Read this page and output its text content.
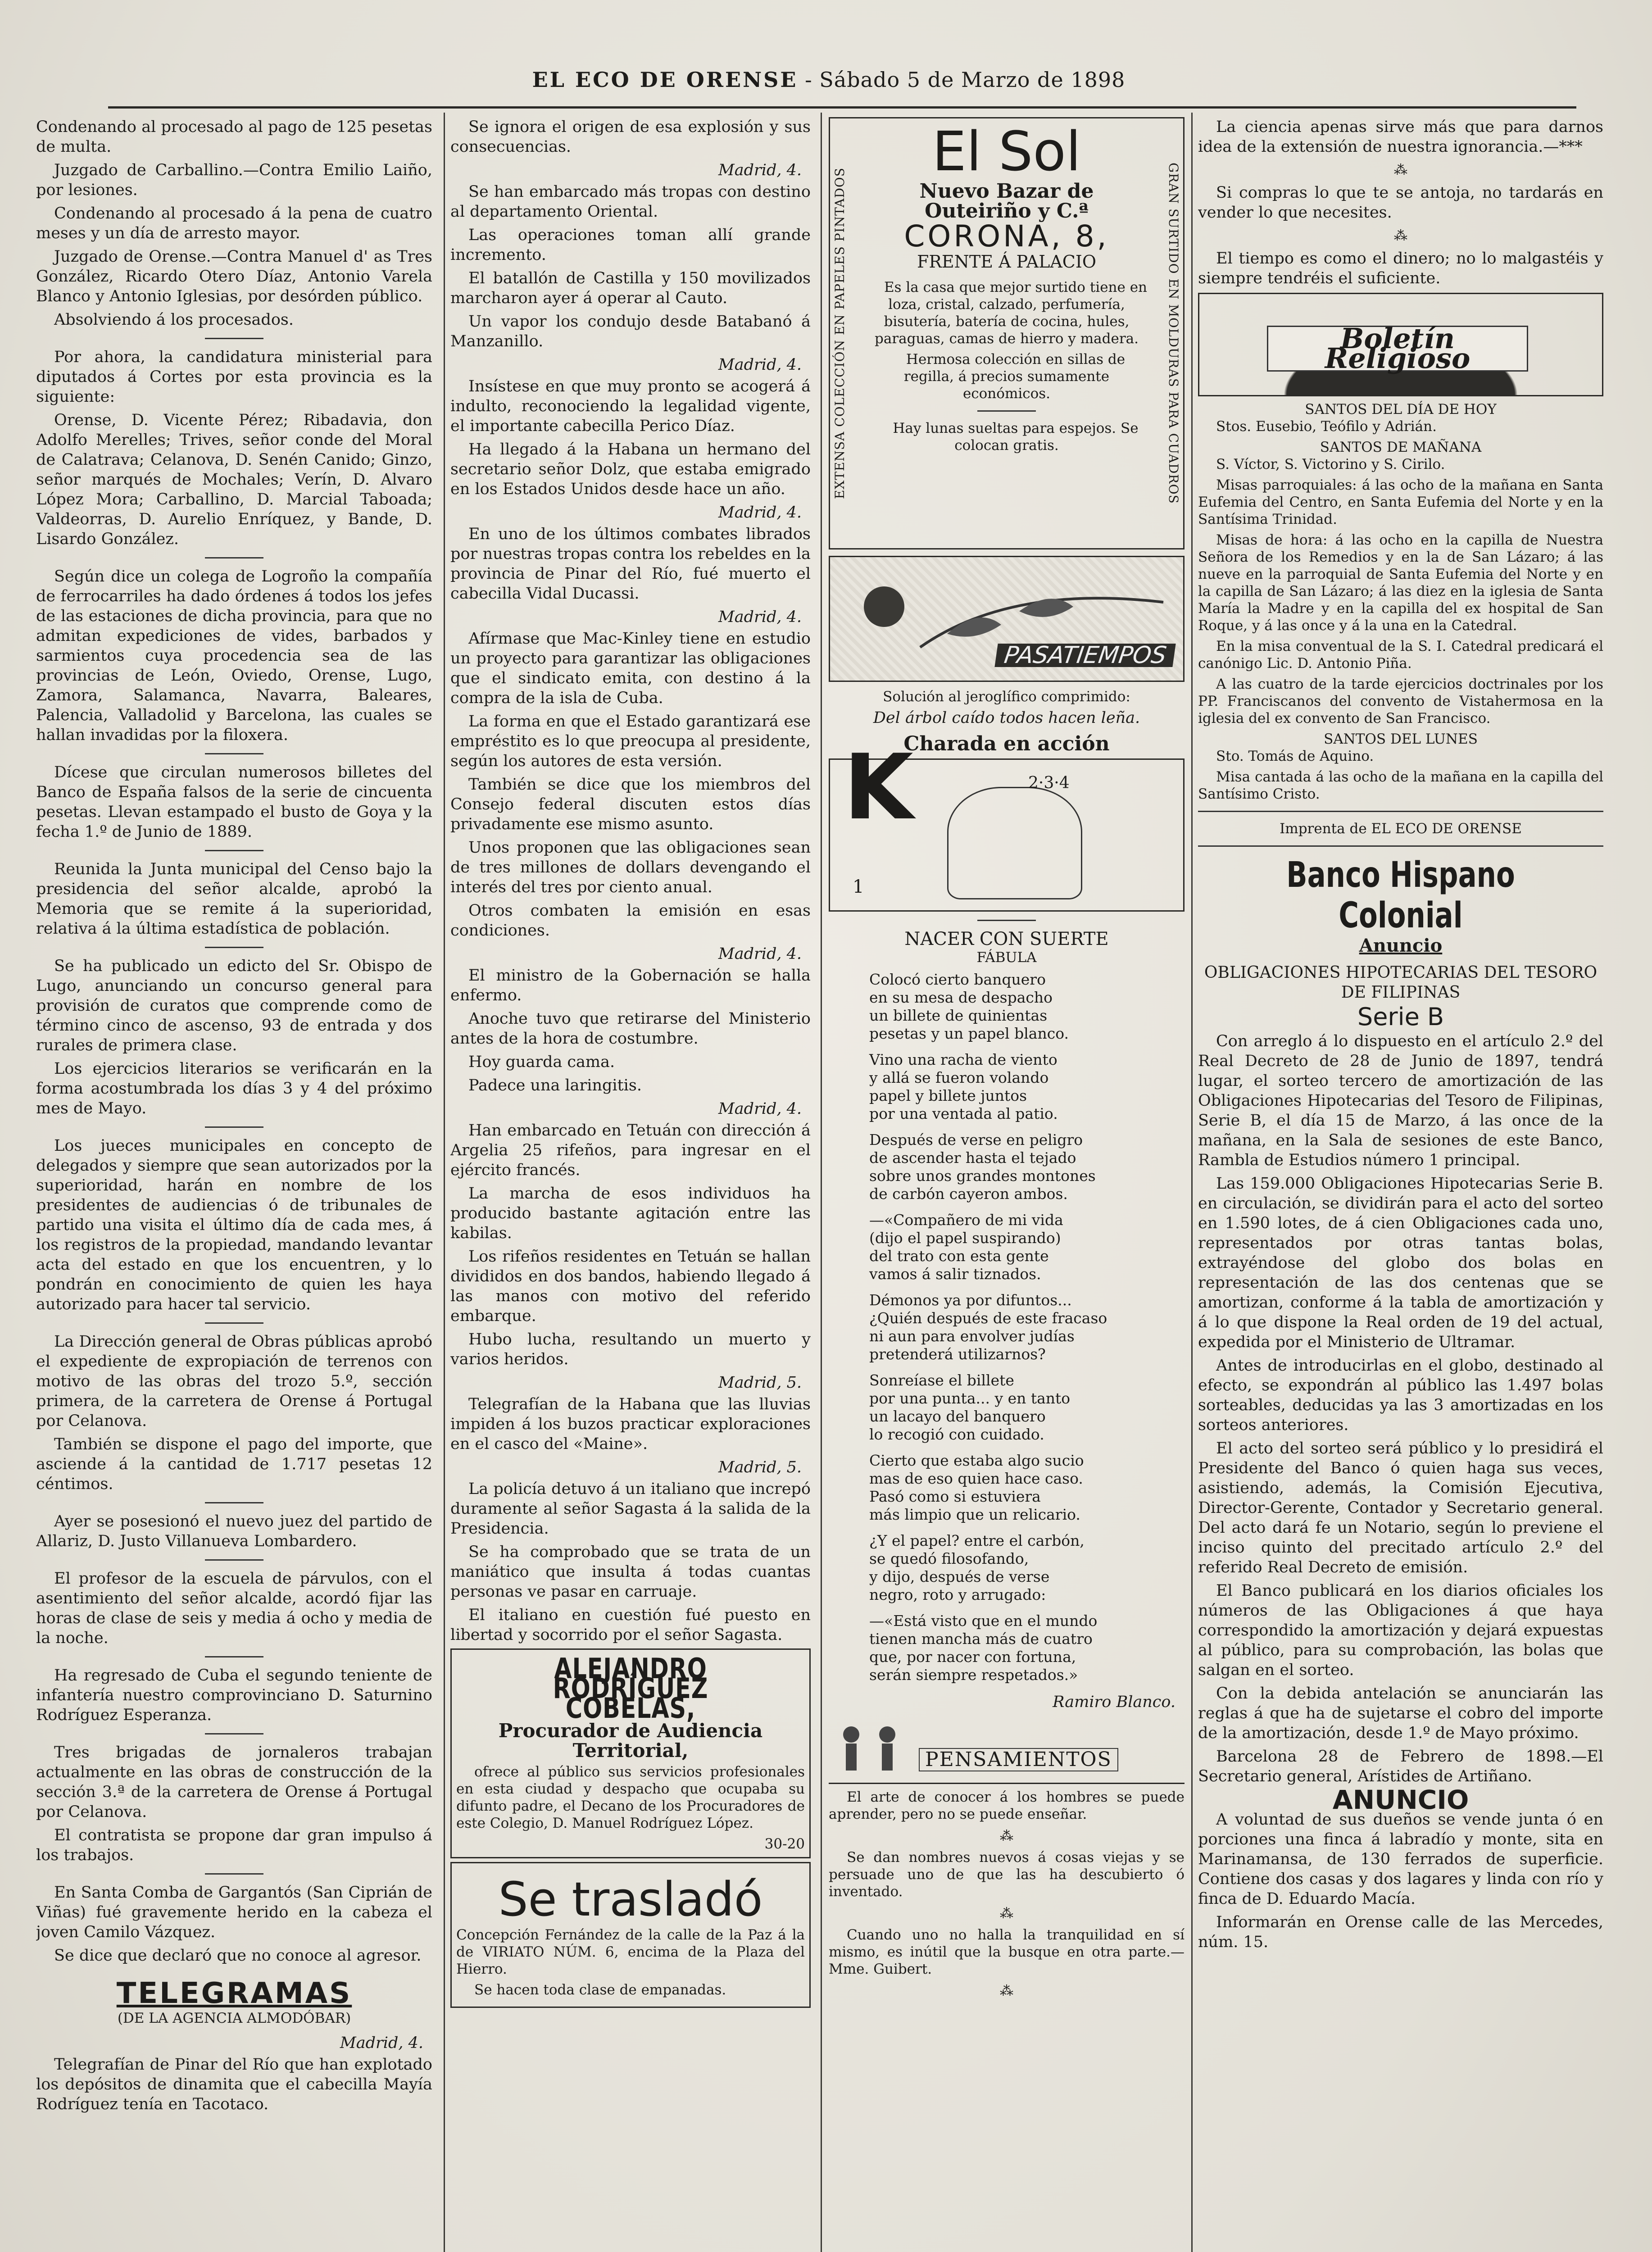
EL ECO DE ORENSE - Sábado 5 de Marzo de 1898

Condenando al procesado al pago de 125 pesetas de multa.

Juzgado de Carballino.—Contra Emilio Laiño, por lesiones.

Condenando al procesado á la pena de cuatro meses y un día de arresto mayor.

Juzgado de Orense.—Contra Manuel d' as Tres González, Ricardo Otero Díaz, Antonio Varela Blanco y Antonio Iglesias, por desórden público.

Absolviendo á los procesados.

Por ahora, la candidatura ministerial para diputados á Cortes por esta provincia es la siguiente:

Orense, D. Vicente Pérez; Ribadavia, don Adolfo Merelles; Trives, señor conde del Moral de Calatrava; Celanova, D. Senén Canido; Ginzo, señor marqués de Mochales; Verín, D. Alvaro López Mora; Carballino, D. Marcial Taboada; Valdeorras, D. Aurelio Enríquez, y Bande, D. Lisardo González.

Según dice un colega de Logroño la compañía de ferrocarriles ha dado órdenes á todos los jefes de las estaciones de dicha provincia, para que no admitan expediciones de vides, barbados y sarmientos cuya procedencia sea de las provincias de León, Oviedo, Orense, Lugo, Zamora, Salamanca, Navarra, Baleares, Palencia, Valladolid y Barcelona, las cuales se hallan invadidas por la filoxera.

Dícese que circulan numerosos billetes del Banco de España falsos de la serie de cincuenta pesetas. Llevan estampado el busto de Goya y la fecha 1.º de Junio de 1889.

Reunida la Junta municipal del Censo bajo la presidencia del señor alcalde, aprobó la Memoria que se remite á la superioridad, relativa á la última estadística de población.

Se ha publicado un edicto del Sr. Obispo de Lugo, anunciando un concurso general para provisión de curatos que comprende como de término cinco de ascenso, 93 de entrada y dos rurales de primera clase.

Los ejercicios literarios se verificarán en la forma acostumbrada los días 3 y 4 del próximo mes de Mayo.

Los jueces municipales en concepto de delegados y siempre que sean autorizados por la superioridad, harán en nombre de los presidentes de audiencias ó de tribunales de partido una visita el último día de cada mes, á los registros de la propiedad, mandando levantar acta del estado en que los encuentren, y lo pondrán en conocimiento de quien les haya autorizado para hacer tal servicio.

La Dirección general de Obras públicas aprobó el expediente de expropiación de terrenos con motivo de las obras del trozo 5.º, sección primera, de la carretera de Orense á Portugal por Celanova.

También se dispone el pago del importe, que asciende á la cantidad de 1.717 pesetas 12 céntimos.

Ayer se posesionó el nuevo juez del partido de Allariz, D. Justo Villanueva Lombardero.

El profesor de la escuela de párvulos, con el asentimiento del señor alcalde, acordó fijar las horas de clase de seis y media á ocho y media de la noche.

Ha regresado de Cuba el segundo teniente de infantería nuestro comprovinciano D. Saturnino Rodríguez Esperanza.

Tres brigadas de jornaleros trabajan actualmente en las obras de construcción de la sección 3.ª de la carretera de Orense á Portugal por Celanova.

El contratista se propone dar gran impulso á los trabajos.

En Santa Comba de Gargantós (San Ciprián de Viñas) fué gravemente herido en la cabeza el joven Camilo Vázquez.

Se dice que declaró que no conoce al agresor.

TELEGRAMAS
(DE LA AGENCIA ALMODÓBAR)
Madrid, 4.

Telegrafían de Pinar del Río que han explotado los depósitos de dinamita que el cabecilla Mayía Rodríguez tenía en Tacotaco.

Se ignora el origen de esa explosión y sus consecuencias.

Madrid, 4.

Se han embarcado más tropas con destino al departamento Oriental.

Las operaciones toman allí grande incremento.

El batallón de Castilla y 150 movilizados marcharon ayer á operar al Cauto.

Un vapor los condujo desde Batabanó á Manzanillo.

Madrid, 4.

Insístese en que muy pronto se acogerá á indulto, reconociendo la legalidad vigente, el importante cabecilla Perico Díaz.

Ha llegado á la Habana un hermano del secretario señor Dolz, que estaba emigrado en los Estados Unidos desde hace un año.

Madrid, 4.

En uno de los últimos combates librados por nuestras tropas contra los rebeldes en la provincia de Pinar del Río, fué muerto el cabecilla Vidal Ducassi.

Madrid, 4.

Afírmase que Mac-Kinley tiene en estudio un proyecto para garantizar las obligaciones que el sindicato emita, con destino á la compra de la isla de Cuba.

La forma en que el Estado garantizará ese empréstito es lo que preocupa al presidente, según los autores de esta versión.

También se dice que los miembros del Consejo federal discuten estos días privadamente ese mismo asunto.

Unos proponen que las obligaciones sean de tres millones de dollars devengando el interés del tres por ciento anual.

Otros combaten la emisión en esas condiciones.

Madrid, 4.

El ministro de la Gobernación se halla enfermo.

Anoche tuvo que retirarse del Ministerio antes de la hora de costumbre.

Hoy guarda cama.

Padece una laringitis.

Madrid, 4.

Han embarcado en Tetuán con dirección á Argelia 25 rifeños, para ingresar en el ejército francés.

La marcha de esos individuos ha producido bastante agitación entre las kabilas.

Los rifeños residentes en Tetuán se hallan divididos en dos bandos, habiendo llegado á las manos con motivo del referido embarque.

Hubo lucha, resultando un muerto y varios heridos.

Madrid, 5.

Telegrafían de la Habana que las lluvias impiden á los buzos practicar exploraciones en el casco del «Maine».

Madrid, 5.

La policía detuvo á un italiano que increpó duramente al señor Sagasta á la salida de la Presidencia.

Se ha comprobado que se trata de un maniático que insulta á todas cuantas personas ve pasar en carruaje.

El italiano en cuestión fué puesto en libertad y socorrido por el señor Sagasta.

ALEJANDRO RODRÍGUEZ COBELAS,
Procurador de Audiencia Territorial,

ofrece al público sus servicios profesionales en esta ciudad y despacho que ocupaba su difunto padre, el Decano de los Procuradores de este Colegio, D. Manuel Rodríguez López.

30-20
Se trasladó

Concepción Fernández de la calle de la Paz á la de VIRIATO NÚM. 6, encima de la Plaza del Hierro.

Se hacen toda clase de empanadas.

EXTENSA COLECCIÓN EN PAPELES PINTADOS
El Sol
Nuevo Bazar de Outeiriño y C.ª
CORONA, 8,
FRENTE Á PALACIO

Es la casa que mejor surtido tiene en loza, cristal, calzado, perfumería, bisutería, batería de cocina, hules, paraguas, camas de hierro y madera.

Hermosa colección en sillas de regilla, á precios sumamente económicos.

Hay lunas sueltas para espejos. Se colocan gratis.	GRAN SURTIDO EN MOLDURAS PARA CUADROS
PASATIEMPOS
Solución al jeroglífico comprimido:
Del árbol caído todos hacen leña.
Charada en acción
K	2·3·4
1
NACER CON SUERTE
FÁBULA
Colocó cierto banquero
en su mesa de despacho
un billete de quinientas
pesetas y un papel blanco.
Vino una racha de viento
y allá se fueron volando
papel y billete juntos
por una ventada al patio.
Después de verse en peligro
de ascender hasta el tejado
sobre unos grandes montones
de carbón cayeron ambos.
—«Compañero de mi vida
(dijo el papel suspirando)
del trato con esta gente
vamos á salir tiznados.
Démonos ya por difuntos...
¿Quién después de este fracaso
ni aun para envolver judías
pretenderá utilizarnos?
Sonreíase el billete
por una punta... y en tanto
un lacayo del banquero
lo recogió con cuidado.
Cierto que estaba algo sucio
mas de eso quien hace caso.
Pasó como si estuviera
más limpio que un relicario.
¿Y el papel? entre el carbón,
se quedó filosofando,
y dijo, después de verse
negro, roto y arrugado:
—«Está visto que en el mundo
tienen mancha más de cuatro
que, por nacer con fortuna,
serán siempre respetados.»
Ramiro Blanco.
PENSAMIENTOS

El arte de conocer á los hombres se puede aprender, pero no se puede enseñar.

⁂

Se dan nombres nuevos á cosas viejas y se persuade uno de que las ha descubierto ó inventado.

⁂

Cuando uno no halla la tranquilidad en sí mismo, es inútil que la busque en otra parte.—Mme. Guibert.

⁂

La ciencia apenas sirve más que para darnos idea de la extensión de nuestra ignorancia.—***

⁂

Si compras lo que te se antoja, no tardarás en vender lo que necesites.

⁂

El tiempo es como el dinero; no lo malgastéis y siempre tendréis el suficiente.

Boletín Religioso
SANTOS DEL DÍA DE HOY

Stos. Eusebio, Teófilo y Adrián.

SANTOS DE MAÑANA

S. Víctor, S. Victorino y S. Cirilo.

Misas parroquiales: á las ocho de la mañana en Santa Eufemia del Centro, en Santa Eufemia del Norte y en la Santísima Trinidad.

Misas de hora: á las ocho en la capilla de Nuestra Señora de los Remedios y en la de San Lázaro; á las nueve en la parroquial de Santa Eufemia del Norte y en la capilla de San Lázaro; á las diez en la iglesia de Santa María la Madre y en la capilla del ex hospital de San Roque, y á las once y á la una en la Catedral.

En la misa conventual de la S. I. Catedral predicará el canónigo Lic. D. Antonio Piña.

A las cuatro de la tarde ejercicios doctrinales por los PP. Franciscanos del convento de Vistahermosa en la iglesia del ex convento de San Francisco.

SANTOS DEL LUNES

Sto. Tomás de Aquino.

Misa cantada á las ocho de la mañana en la capilla del Santísimo Cristo.

Imprenta de EL ECO DE ORENSE
Banco Hispano Colonial
Anuncio
OBLIGACIONES HIPOTECARIAS DEL TESORO DE FILIPINAS
Serie B

Con arreglo á lo dispuesto en el artículo 2.º del Real Decreto de 28 de Junio de 1897, tendrá lugar, el sorteo tercero de amortización de las Obligaciones Hipotecarias del Tesoro de Filipinas, Serie B, el día 15 de Marzo, á las once de la mañana, en la Sala de sesiones de este Banco, Rambla de Estudios número 1 principal.

Las 159.000 Obligaciones Hipotecarias Serie B. en circulación, se dividirán para el acto del sorteo en 1.590 lotes, de á cien Obligaciones cada uno, representados por otras tantas bolas, extrayéndose del globo dos bolas en representación de las dos centenas que se amortizan, conforme á la tabla de amortización y á lo que dispone la Real orden de 19 del actual, expedida por el Ministerio de Ultramar.

Antes de introducirlas en el globo, destinado al efecto, se expondrán al público las 1.497 bolas sorteables, deducidas ya las 3 amortizadas en los sorteos anteriores.

El acto del sorteo será público y lo presidirá el Presidente del Banco ó quien haga sus veces, asistiendo, además, la Comisión Ejecutiva, Director-Gerente, Contador y Secretario general. Del acto dará fe un Notario, según lo previene el inciso quinto del precitado artículo 2.º del referido Real Decreto de emisión.

El Banco publicará en los diarios oficiales los números de las Obligaciones á que haya correspondido la amortización y dejará expuestas al público, para su comprobación, las bolas que salgan en el sorteo.

Con la debida antelación se anunciarán las reglas á que ha de sujetarse el cobro del importe de la amortización, desde 1.º de Mayo próximo.

Barcelona 28 de Febrero de 1898.—El Secretario general, Arístides de Artiñano.

ANUNCIO

A voluntad de sus dueños se vende junta ó en porciones una finca á labradío y monte, sita en Marinamansa, de 130 ferrados de superficie. Contiene dos casas y dos lagares y linda con río y finca de D. Eduardo Macía.

Informarán en Orense calle de las Mercedes, núm. 15.
